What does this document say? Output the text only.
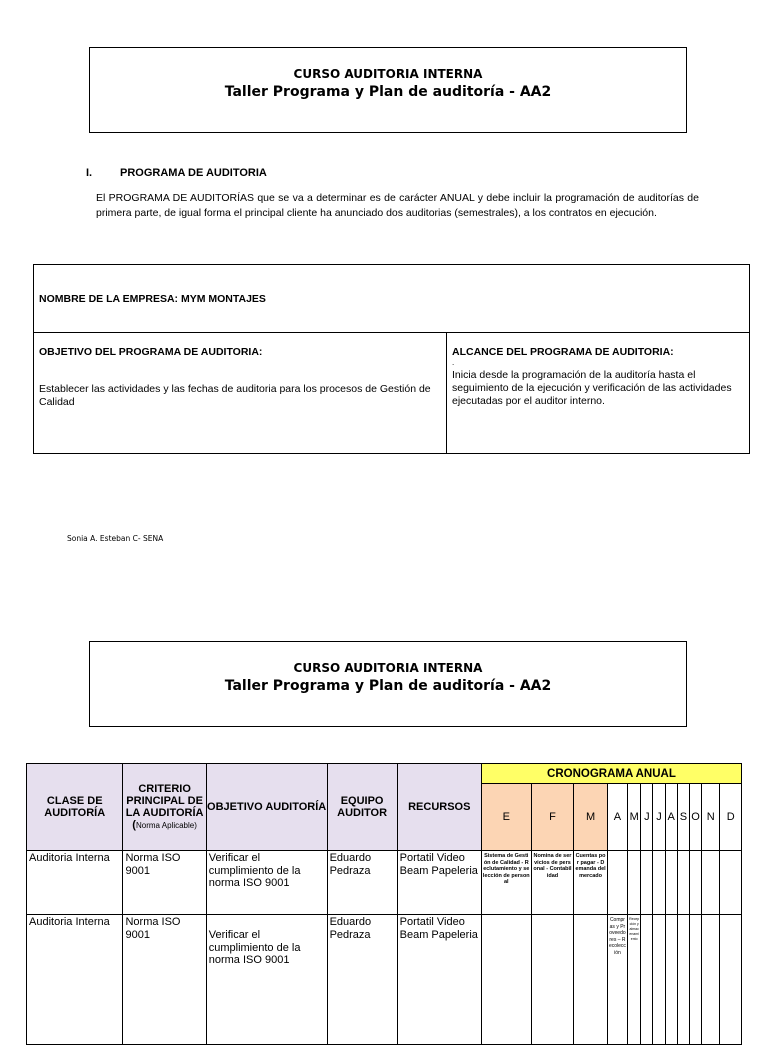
CURSO AUDITORIA INTERNA
Taller Programa y Plan de auditoría - AA2
I.	PROGRAMA DE AUDITORIA
El PROGRAMA DE AUDITORÍAS que se va a determinar es de carácter ANUAL y debe incluir la programación de auditorías de primera parte, de igual forma el principal cliente ha anunciado dos auditorias (semestrales), a los contratos en ejecución.
NOMBRE DE LA EMPRESA: MYM MONTAJES
OBJETIVO DEL PROGRAMA DE AUDITORIA:

Establecer las actividades y las fechas de auditoria para los procesos de Gestión de Calidad

ALCANCE DEL PROGRAMA DE AUDITORIA:
.

Inicia desde la programación de la auditoría hasta el seguimiento de la ejecución y verificación de las actividades ejecutadas por el auditor interno.

Sonia A. Esteban C- SENA
CURSO AUDITORIA INTERNA
Taller Programa y Plan de auditoría - AA2
CLASE DE AUDITORÍA	CRITERIO PRINCIPAL DE LA AUDITORÍA
(Norma Aplicable)	OBJETIVO AUDITORÍA	EQUIPO AUDITOR	RECURSOS	CRONOGRAMA ANUAL											
					E	F	M	A	M	J	J	A	S	O	N	D
Auditoria Interna	Norma ISO 9001	Verificar el cumplimiento de la norma ISO 9001	Eduardo Pedraza	Portatil Video Beam Papeleria	Sistema de Gestión de Calidad - Reclutamiento y selección de personal	Nomina de servicios de personal - Contabilidad	Cuentas por pagar - Demanda del mercado									
Auditoria Interna	Norma ISO 9001	Verificar el cumplimiento de la norma ISO 9001	Eduardo Pedraza	Portatil Video Beam Papeleria				Compras y Proveedores – Recolección	Recepción y almacenamiento							
